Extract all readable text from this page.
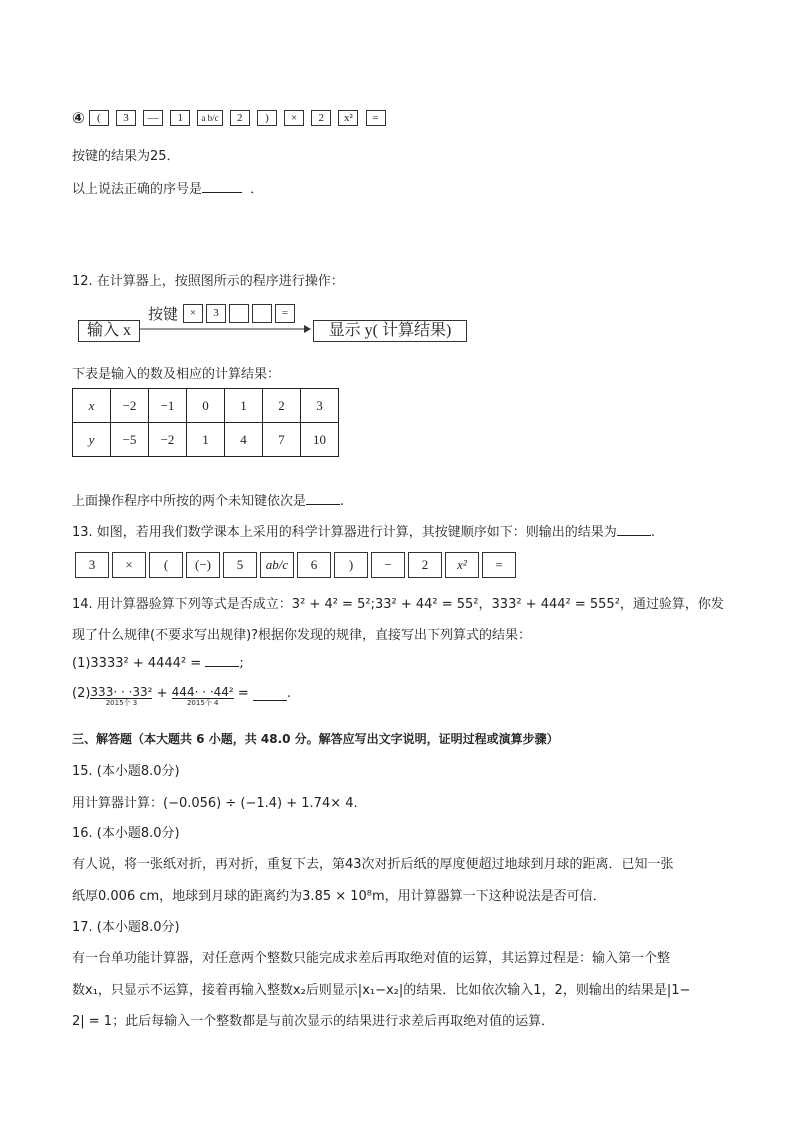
④ ( 3 — 1 a b/c 2 ) × 2 x² =
按键的结果为25．
以上说法正确的序号是	．
12. 在计算器上，按照图所示的程序进行操作：
输入 x
按键	× 3	=
显示 y( 计算结果)
下表是输入的数及相应的计算结果：
x	−2	−1	0	1	2	3
y	−5	−2	1	4	7	10
上面操作程序中所按的两个未知键依次是	.
13. 如图，若用我们数学课本上采用的科学计算器进行计算，其按键顺序如下：则输出的结果为	.
3 × ( (−) 5 ab/c 6 ) − 2 x² =
14. 用计算器验算下列等式是否成立：3² + 4² = 5²;33² + 44² = 55²，333² + 444² = 555²，通过验算，你发
现了什么规律(不要求写出规律)?根据你发现的规律，直接写出下列算式的结果：
(1)3333² + 4444² =	;
(2) 333· · ·33²
2015个 3
+ 444· · ·44²
2015个 4
=	.
三、解答题（本大题共 6 小题，共 48.0 分。解答应写出文字说明，证明过程或演算步骤）
15. (本小题8.0分)
用计算器计算：(−0.056) ÷ (−1.4) + 1.74× 4.
16. (本小题8.0分)
有人说，将一张纸对折，再对折，重复下去，第43次对折后纸的厚度便超过地球到月球的距离．已知一张
纸厚0.006 cm，地球到月球的距离约为3.85 × 10⁸m，用计算器算一下这种说法是否可信．
17. (本小题8.0分)
有一台单功能计算器，对任意两个整数只能完成求差后再取绝对值的运算，其运算过程是：输入第一个整
数x₁，只显示不运算，接着再输入整数x₂后则显示|x₁−x₂|的结果．比如依次输入1，2，则输出的结果是|1−
2| = 1；此后每输入一个整数都是与前次显示的结果进行求差后再取绝对值的运算．
